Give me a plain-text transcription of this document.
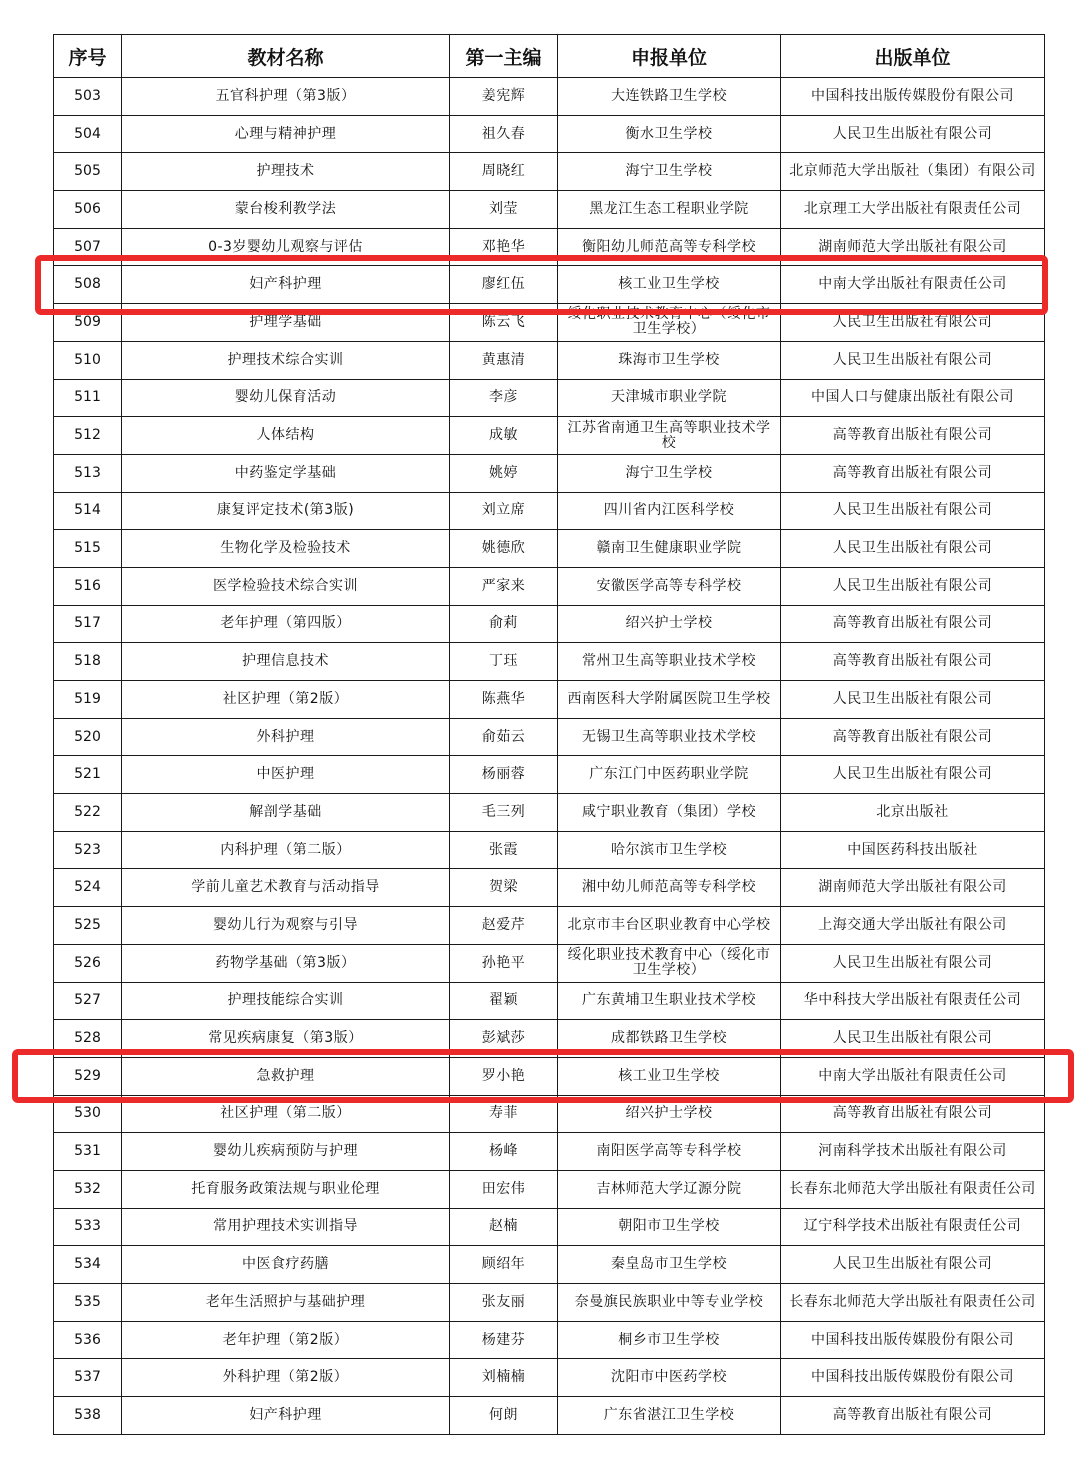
序号	教材名称	第一主编	申报单位	出版单位
503	五官科护理（第3版）	姜宪辉	大连铁路卫生学校	中国科技出版传媒股份有限公司
504	心理与精神护理	祖久春	衡水卫生学校	人民卫生出版社有限公司
505	护理技术	周晓红	海宁卫生学校	北京师范大学出版社（集团）有限公司
506	蒙台梭利教学法	刘莹	黑龙江生态工程职业学院	北京理工大学出版社有限责任公司
507	0-3岁婴幼儿观察与评估	邓艳华	衡阳幼儿师范高等专科学校	湖南师范大学出版社有限公司
508	妇产科护理	廖红伍	核工业卫生学校	中南大学出版社有限责任公司
509	护理学基础	陈云飞	绥化职业技术教育中心（绥化市卫生学校）	人民卫生出版社有限公司
510	护理技术综合实训	黄惠清	珠海市卫生学校	人民卫生出版社有限公司
511	婴幼儿保育活动	李彦	天津城市职业学院	中国人口与健康出版社有限公司
512	人体结构	成敏	江苏省南通卫生高等职业技术学校	高等教育出版社有限公司
513	中药鉴定学基础	姚婷	海宁卫生学校	高等教育出版社有限公司
514	康复评定技术(第3版)	刘立席	四川省内江医科学校	人民卫生出版社有限公司
515	生物化学及检验技术	姚德欣	赣南卫生健康职业学院	人民卫生出版社有限公司
516	医学检验技术综合实训	严家来	安徽医学高等专科学校	人民卫生出版社有限公司
517	老年护理（第四版）	俞莉	绍兴护士学校	高等教育出版社有限公司
518	护理信息技术	丁珏	常州卫生高等职业技术学校	高等教育出版社有限公司
519	社区护理（第2版）	陈燕华	西南医科大学附属医院卫生学校	人民卫生出版社有限公司
520	外科护理	俞茹云	无锡卫生高等职业技术学校	高等教育出版社有限公司
521	中医护理	杨丽蓉	广东江门中医药职业学院	人民卫生出版社有限公司
522	解剖学基础	毛三列	咸宁职业教育（集团）学校	北京出版社
523	内科护理（第二版）	张霞	哈尔滨市卫生学校	中国医药科技出版社
524	学前儿童艺术教育与活动指导	贺梁	湘中幼儿师范高等专科学校	湖南师范大学出版社有限公司
525	婴幼儿行为观察与引导	赵爱芹	北京市丰台区职业教育中心学校	上海交通大学出版社有限公司
526	药物学基础（第3版）	孙艳平	绥化职业技术教育中心（绥化市卫生学校）	人民卫生出版社有限公司
527	护理技能综合实训	翟颖	广东黄埔卫生职业技术学校	华中科技大学出版社有限责任公司
528	常见疾病康复（第3版）	彭斌莎	成都铁路卫生学校	人民卫生出版社有限公司
529	急救护理	罗小艳	核工业卫生学校	中南大学出版社有限责任公司
530	社区护理（第二版）	寿菲	绍兴护士学校	高等教育出版社有限公司
531	婴幼儿疾病预防与护理	杨峰	南阳医学高等专科学校	河南科学技术出版社有限公司
532	托育服务政策法规与职业伦理	田宏伟	吉林师范大学辽源分院	长春东北师范大学出版社有限责任公司
533	常用护理技术实训指导	赵楠	朝阳市卫生学校	辽宁科学技术出版社有限责任公司
534	中医食疗药膳	顾绍年	秦皇岛市卫生学校	人民卫生出版社有限公司
535	老年生活照护与基础护理	张友丽	奈曼旗民族职业中等专业学校	长春东北师范大学出版社有限责任公司
536	老年护理（第2版）	杨建芬	桐乡市卫生学校	中国科技出版传媒股份有限公司
537	外科护理（第2版）	刘楠楠	沈阳市中医药学校	中国科技出版传媒股份有限公司
538	妇产科护理	何朗	广东省湛江卫生学校	高等教育出版社有限公司
